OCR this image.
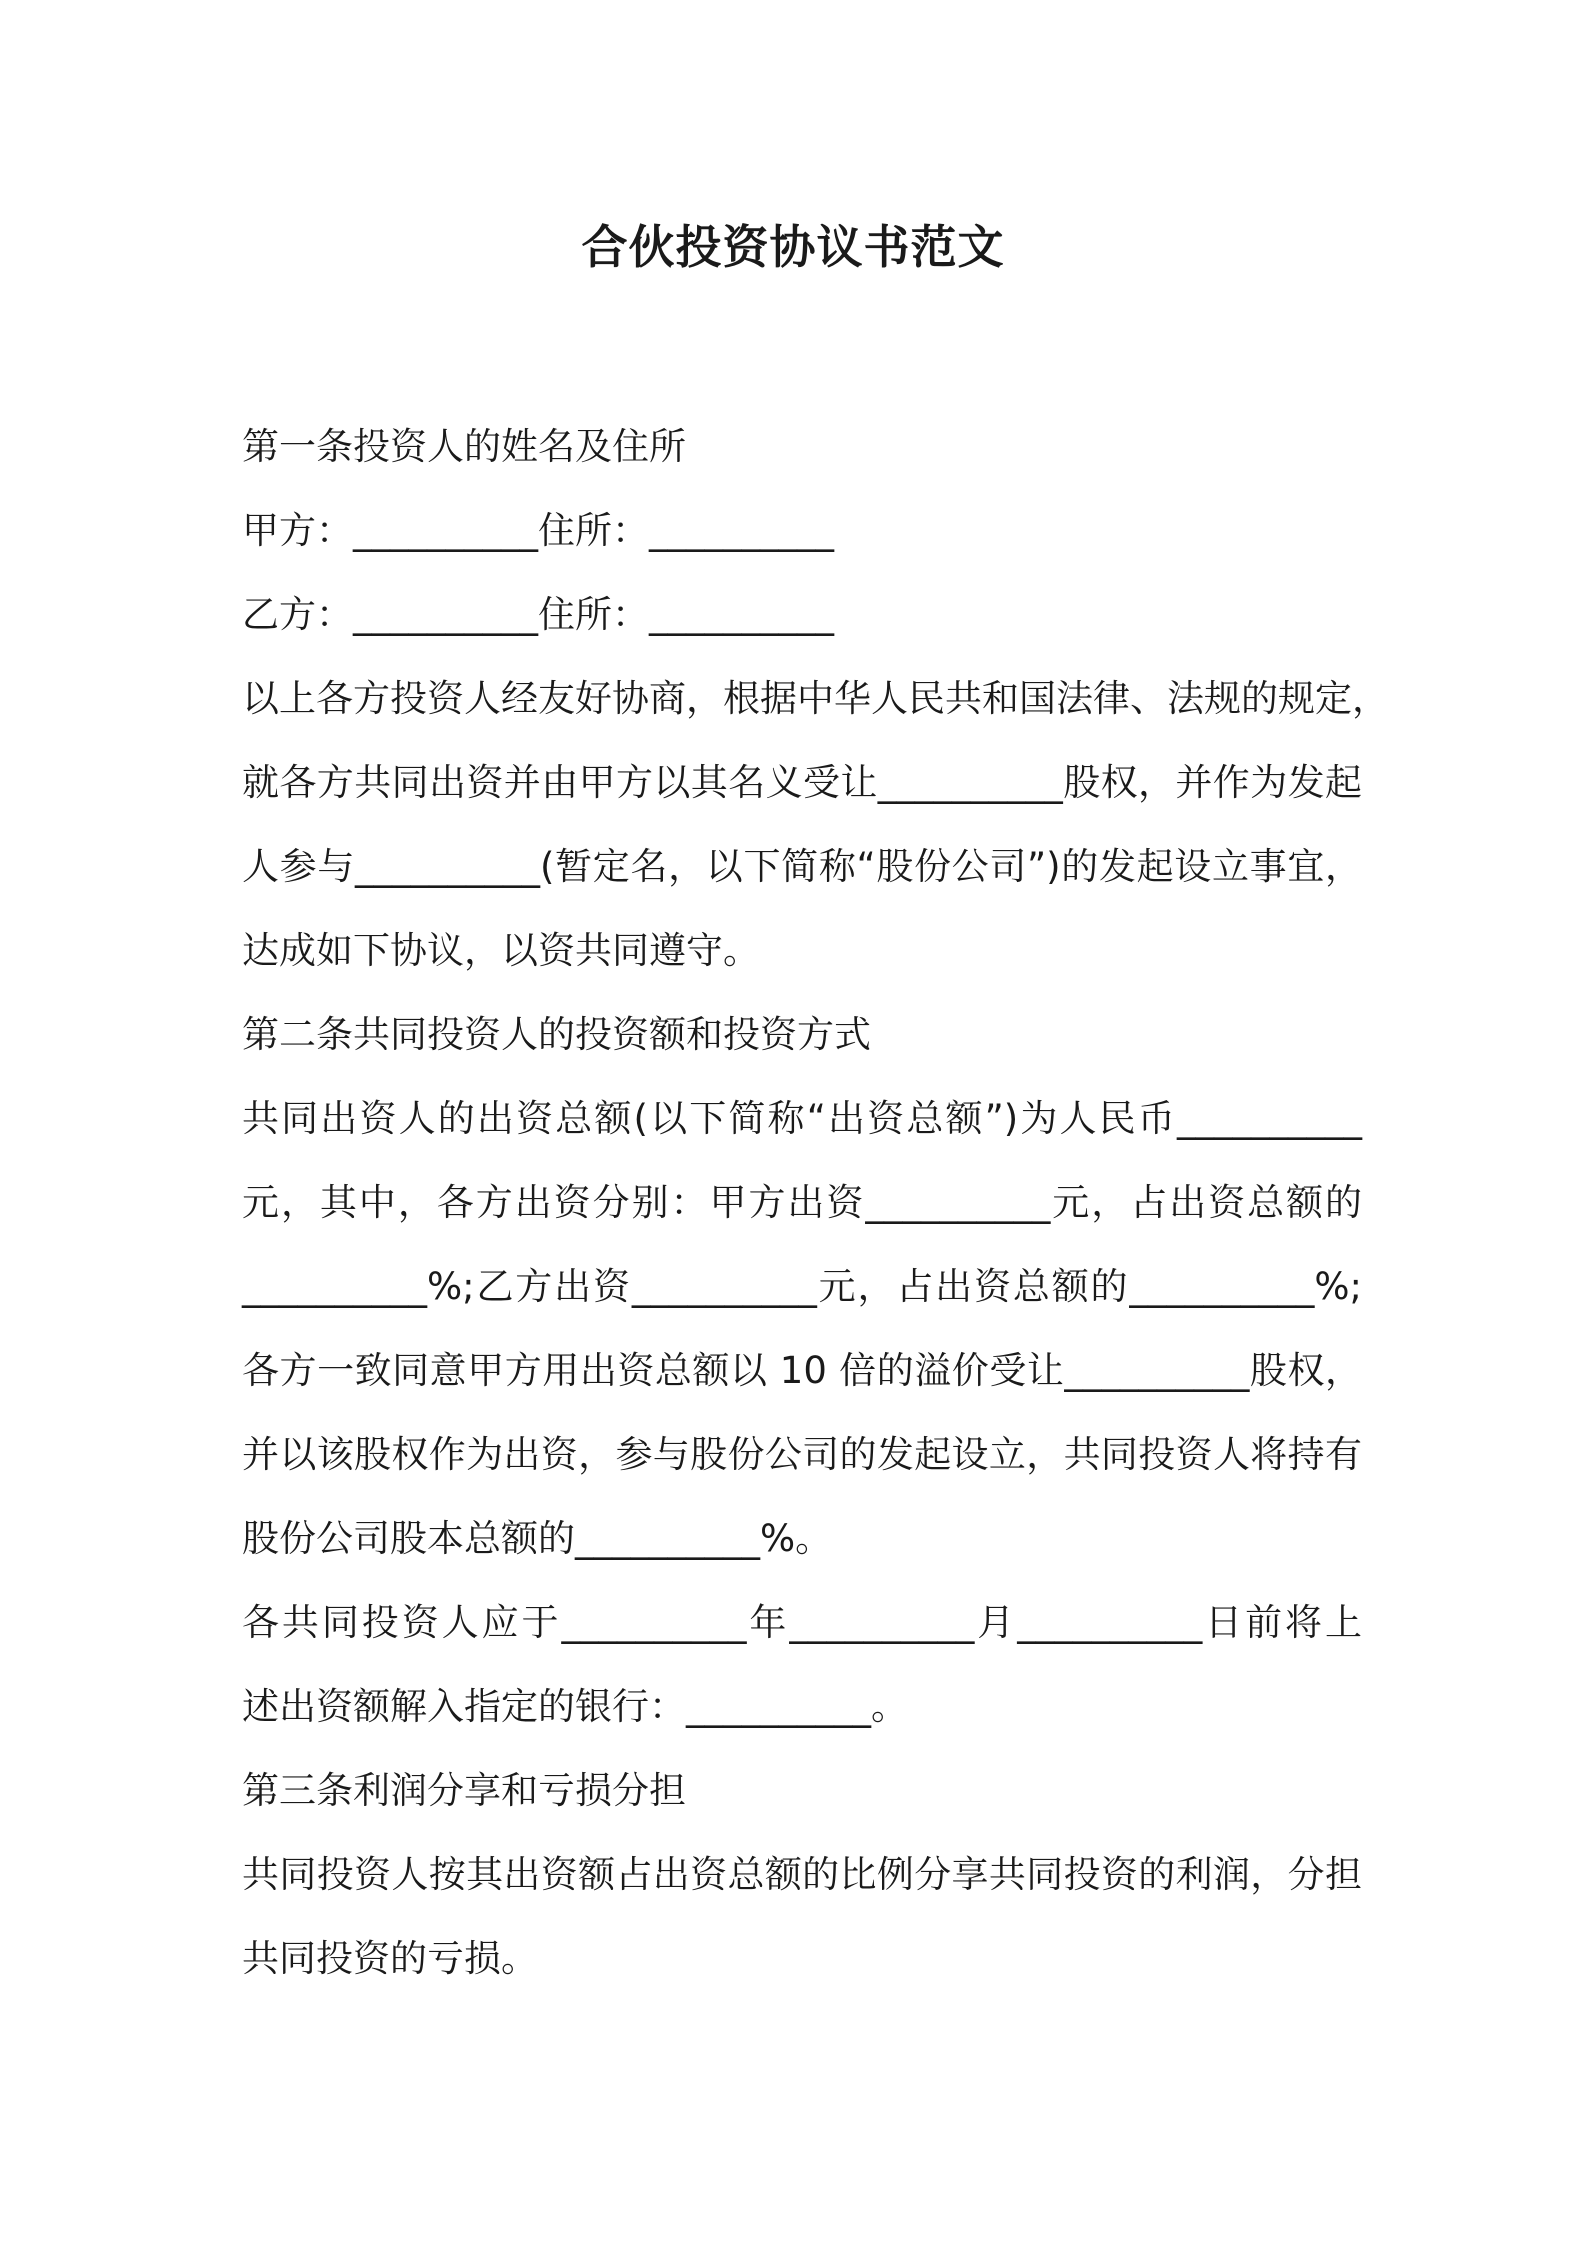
合伙投资协议书范文
第一条投资人的姓名及住所
甲方：__________住所：__________
乙方：__________住所：__________
以上各方投资人经友好协商，根据中华人民共和国法律、法规的规定，
就各方共同出资并由甲方以其名义受让__________股权，并作为发起
人参与__________(暂定名，以下简称“股份公司”)的发起设立事宜，
达成如下协议，以资共同遵守。
第二条共同投资人的投资额和投资方式
共同出资人的出资总额(以下简称“出资总额”)为人民币__________
元，其中，各方出资分别：甲方出资__________元，占出资总额的
__________%;乙方出资__________元，占出资总额的__________%;
各方一致同意甲方用出资总额以 10 倍的溢价受让__________股权，
并以该股权作为出资，参与股份公司的发起设立，共同投资人将持有
股份公司股本总额的__________%。
各共同投资人应于__________年__________月__________日前将上
述出资额解入指定的银行：__________。
第三条利润分享和亏损分担
共同投资人按其出资额占出资总额的比例分享共同投资的利润，分担
共同投资的亏损。
